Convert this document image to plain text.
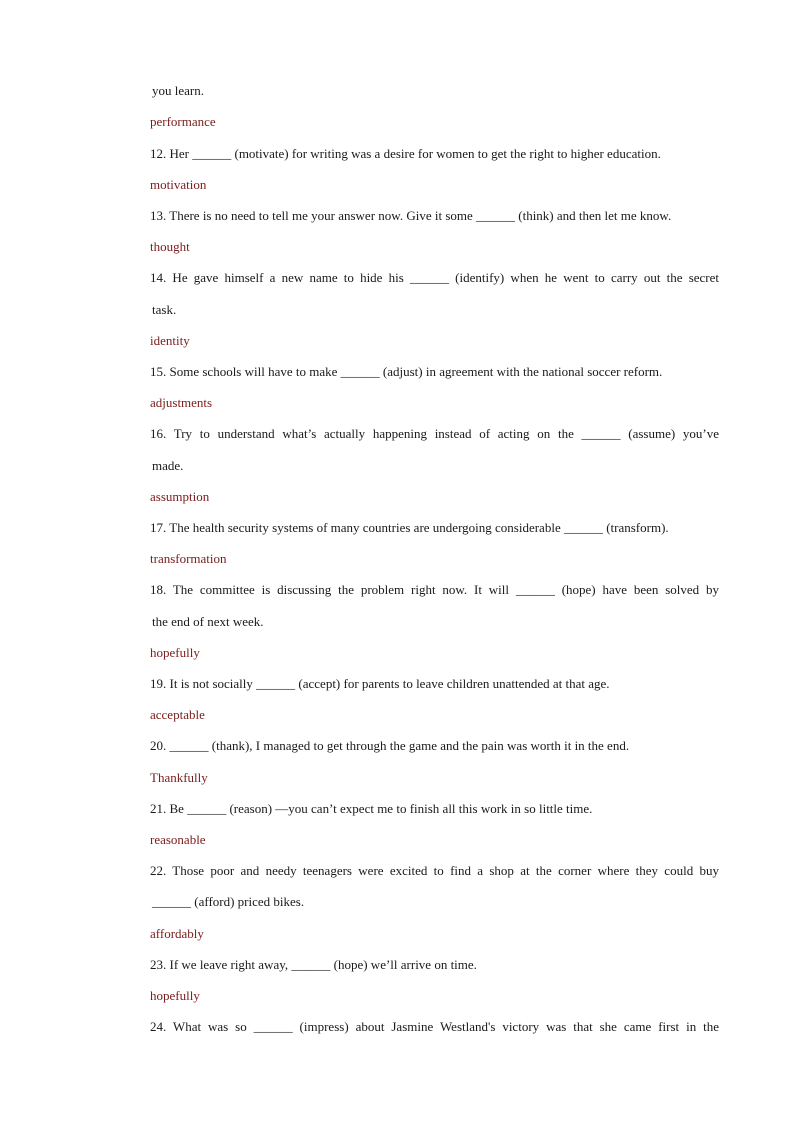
you learn.
performance
12. Her ______ (motivate) for writing was a desire for women to get the right to higher education.
motivation
13. There is no need to tell me your answer now. Give it some ______ (think) and then let me know.
thought
14. He gave himself a new name to hide his ______ (identify) when he went to carry out the secret
task.
identity
15. Some schools will have to make ______ (adjust) in agreement with the national soccer reform.
adjustments
16. Try to understand what’s actually happening instead of acting on the ______ (assume) you’ve
made.
assumption
17. The health security systems of many countries are undergoing considerable ______ (transform).
transformation
18. The committee is discussing the problem right now. It will ______ (hope) have been solved by
the end of next week.
hopefully
19. It is not socially ______ (accept) for parents to leave children unattended at that age.
acceptable
20. ______ (thank), I managed to get through the game and the pain was worth it in the end.
Thankfully
21. Be ______ (reason) —you can’t expect me to finish all this work in so little time.
reasonable
22. Those poor and needy teenagers were excited to find a shop at the corner where they could buy
______ (afford) priced bikes.
affordably
23. If we leave right away, ______ (hope) we’ll arrive on time.
hopefully
24. What was so ______ (impress) about Jasmine Westland's victory was that she came first in the
